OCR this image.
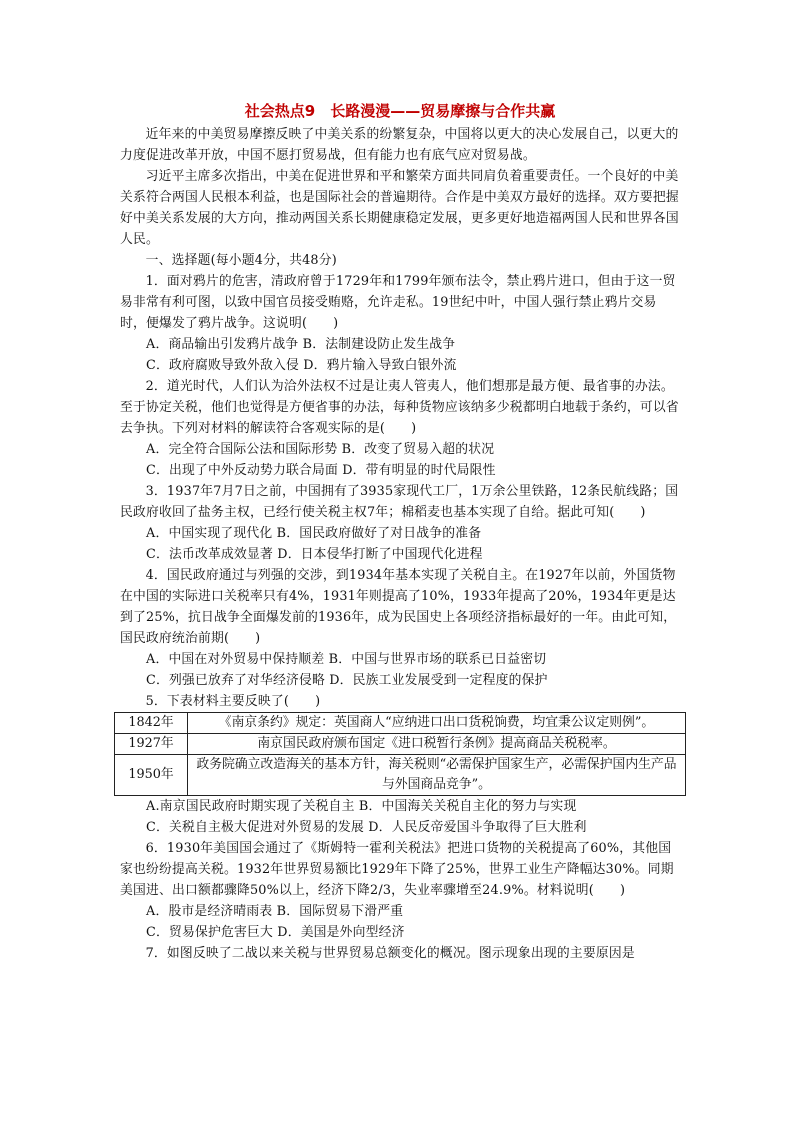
社会热点9　长路漫漫——贸易摩擦与合作共赢

近年来的中美贸易摩擦反映了中美关系的纷繁复杂，中国将以更大的决心发展自己，以更大的力度促进改革开放，中国不愿打贸易战，但有能力也有底气应对贸易战。

习近平主席多次指出，中美在促进世界和平和繁荣方面共同肩负着重要责任。一个良好的中美关系符合两国人民根本利益，也是国际社会的普遍期待。合作是中美双方最好的选择。双方要把握好中美关系发展的大方向，推动两国关系长期健康稳定发展，更多更好地造福两国人民和世界各国人民。

一、选择题(每小题4分，共48分)

1．面对鸦片的危害，清政府曾于1729年和1799年颁布法令，禁止鸦片进口，但由于这一贸易非常有利可图，以致中国官员接受贿赂，允许走私。19世纪中叶，中国人强行禁止鸦片交易时，便爆发了鸦片战争。这说明(　　)

A．商品输出引发鸦片战争 B．法制建设防止发生战争

C．政府腐败导致外敌入侵 D．鸦片输入导致白银外流

2．道光时代，人们认为洽外法权不过是让夷人管夷人，他们想那是最方便、最省事的办法。至于协定关税，他们也觉得是方便省事的办法，每种货物应该纳多少税都明白地载于条约，可以省去争执。下列对材料的解读符合客观实际的是(　　)

A．完全符合国际公法和国际形势 B．改变了贸易入超的状况

C．出现了中外反动势力联合局面 D．带有明显的时代局限性

3．1937年7月7日之前，中国拥有了3935家现代工厂，1万余公里铁路，12条民航线路；国民政府收回了盐务主权，已经行使关税主权7年；棉稻麦也基本实现了自给。据此可知(　　)

A．中国实现了现代化 B．国民政府做好了对日战争的准备

C．法币改革成效显著 D．日本侵华打断了中国现代化进程

4．国民政府通过与列强的交涉，到1934年基本实现了关税自主。在1927年以前，外国货物在中国的实际进口关税率只有4%，1931年则提高了10%，1933年提高了20%，1934年更是达到了25%，抗日战争全面爆发前的1936年，成为民国史上各项经济指标最好的一年。由此可知，国民政府统治前期(　　)

A．中国在对外贸易中保持顺差 B．中国与世界市场的联系已日益密切

C．列强已放弃了对华经济侵略 D．民族工业发展受到一定程度的保护

5．下表材料主要反映了(　　)

1842年	《南京条约》规定：英国商人“应纳进口出口货税饷费，均宜秉公议定则例”。
1927年	南京国民政府颁布国定《进口税暂行条例》提高商品关税税率。
1950年	政务院确立改造海关的基本方针，海关税则“必需保护国家生产，必需保护国内生产品与外国商品竞争”。

A.南京国民政府时期实现了关税自主 B．中国海关关税自主化的努力与实现

C．关税自主极大促进对外贸易的发展 D．人民反帝爱国斗争取得了巨大胜利

6．1930年美国国会通过了《斯姆特一霍利关税法》把进口货物的关税提高了60%，其他国家也纷纷提高关税。1932年世界贸易额比1929年下降了25%，世界工业生产降幅达30%。同期美国进、出口额都骤降50%以上，经济下降2/3，失业率骤增至24.9%。材料说明(　　)

A．股市是经济晴雨表 B．国际贸易下滑严重

C．贸易保护危害巨大 D．美国是外向型经济

7．如图反映了二战以来关税与世界贸易总额变化的概况。图示现象出现的主要原因是
